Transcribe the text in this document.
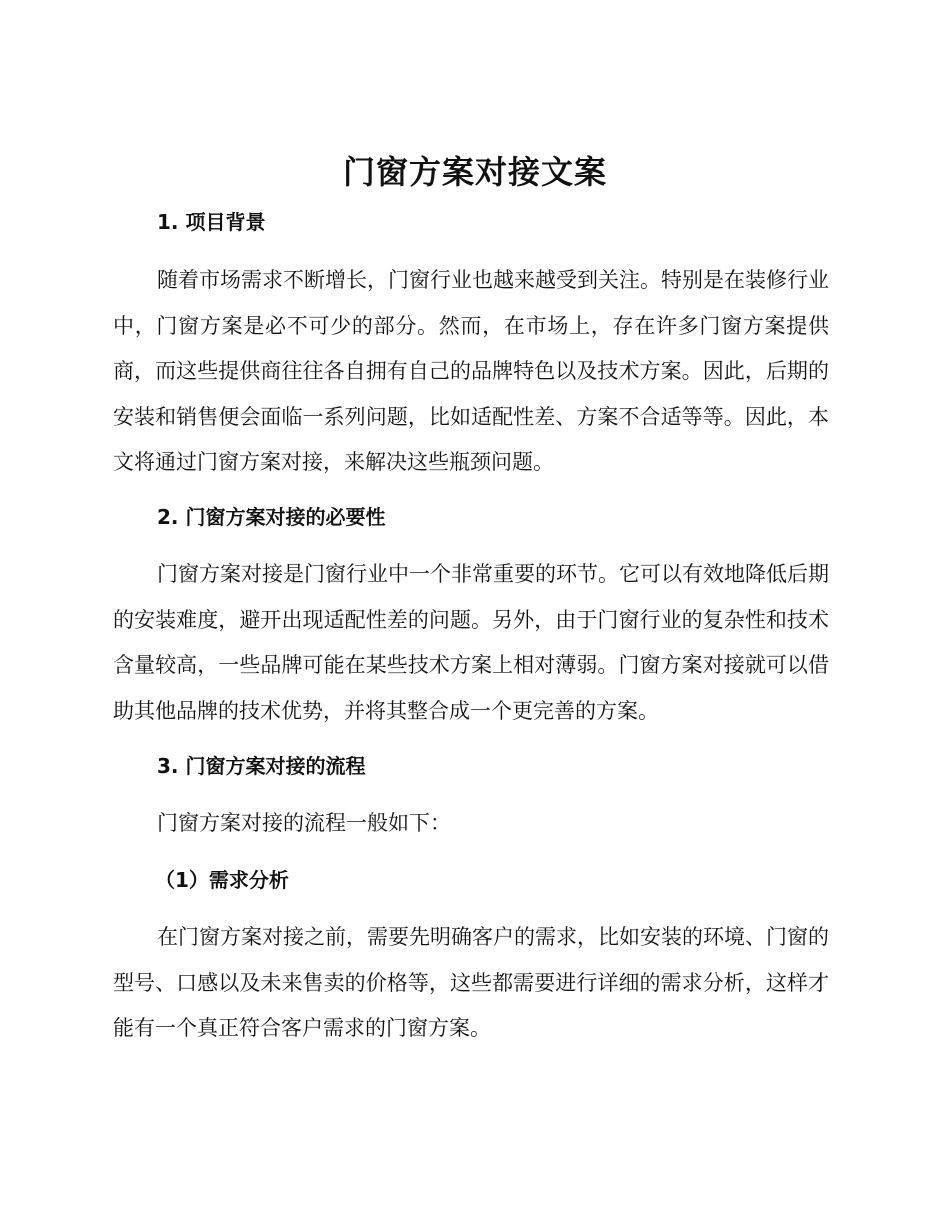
门窗方案对接文案
1. 项目背景

随着市场需求不断增长，门窗行业也越来越受到关注。特别是在装修行业中，门窗方案是必不可少的部分。然而，在市场上，存在许多门窗方案提供商，而这些提供商往往各自拥有自己的品牌特色以及技术方案。因此，后期的安装和销售便会面临一系列问题，比如适配性差、方案不合适等等。因此，本文将通过门窗方案对接，来解决这些瓶颈问题。

2. 门窗方案对接的必要性

门窗方案对接是门窗行业中一个非常重要的环节。它可以有效地降低后期的安装难度，避开出现适配性差的问题。另外，由于门窗行业的复杂性和技术含量较高，一些品牌可能在某些技术方案上相对薄弱。门窗方案对接就可以借助其他品牌的技术优势，并将其整合成一个更完善的方案。

3. 门窗方案对接的流程

门窗方案对接的流程一般如下：

（1）需求分析

在门窗方案对接之前，需要先明确客户的需求，比如安装的环境、门窗的型号、口感以及未来售卖的价格等，这些都需要进行详细的需求分析，这样才能有一个真正符合客户需求的门窗方案。
